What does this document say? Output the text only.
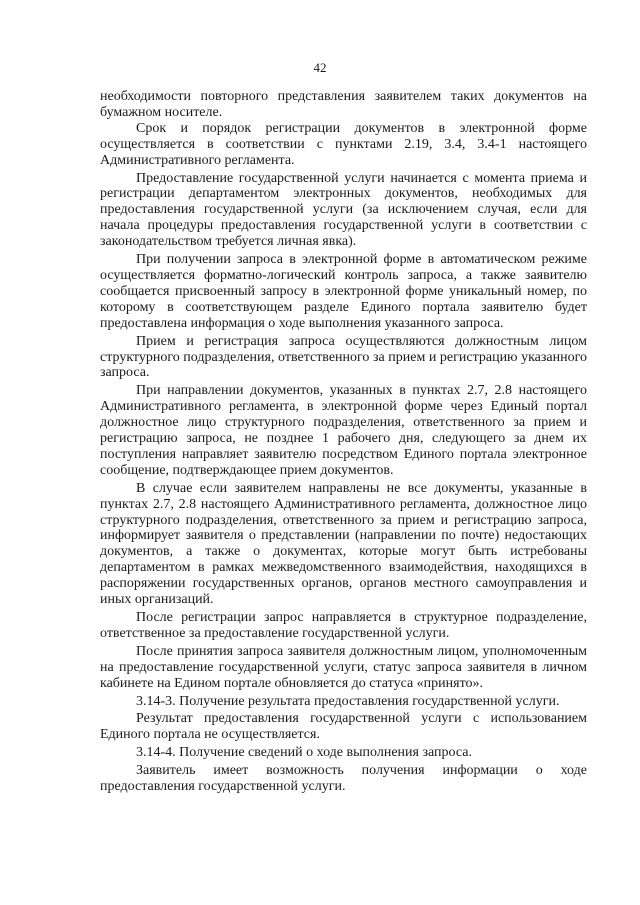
42

необходимости повторного представления заявителем таких документов на бумажном носителе.

Срок и порядок регистрации документов в электронной форме осуществляется в соответствии с пунктами 2.19, 3.4, 3.4-1 настоящего Административного регламента.

Предоставление государственной услуги начинается с момента приема и регистрации департаментом электронных документов, необходимых для предоставления государственной услуги (за исключением случая, если для начала процедуры предоставления государственной услуги в соответствии с законодательством требуется личная явка).

При получении запроса в электронной форме в автоматическом режиме осуществляется форматно-логический контроль запроса, а также заявителю сообщается присвоенный запросу в электронной форме уникальный номер, по которому в соответствующем разделе Единого портала заявителю будет предоставлена информация о ходе выполнения указанного запроса.

Прием и регистрация запроса осуществляются должностным лицом структурного подразделения, ответственного за прием и регистрацию указанного запроса.

При направлении документов, указанных в пунктах 2.7, 2.8 настоящего Административного регламента, в электронной форме через Единый портал должностное лицо структурного подразделения, ответственного за прием и регистрацию запроса, не позднее 1 рабочего дня, следующего за днем их поступления направляет заявителю посредством Единого портала электронное сообщение, подтверждающее прием документов.

В случае если заявителем направлены не все документы, указанные в пунктах 2.7, 2.8 настоящего Административного регламента, должностное лицо структурного подразделения, ответственного за прием и регистрацию запроса, информирует заявителя о представлении (направлении по почте) недостающих документов, а также о документах, которые могут быть истребованы департаментом в рамках межведомственного взаимодействия, находящихся в распоряжении государственных органов, органов местного самоуправления и иных организаций.

После регистрации запрос направляется в структурное подразделение, ответственное за предоставление государственной услуги.

После принятия запроса заявителя должностным лицом, уполномоченным на предоставление государственной услуги, статус запроса заявителя в личном кабинете на Едином портале обновляется до статуса «принято».

3.14-3. Получение результата предоставления государственной услуги.

Результат предоставления государственной услуги с использованием Единого портала не осуществляется.

3.14-4. Получение сведений о ходе выполнения запроса.

Заявитель имеет возможность получения информации о ходе предоставления государственной услуги.
